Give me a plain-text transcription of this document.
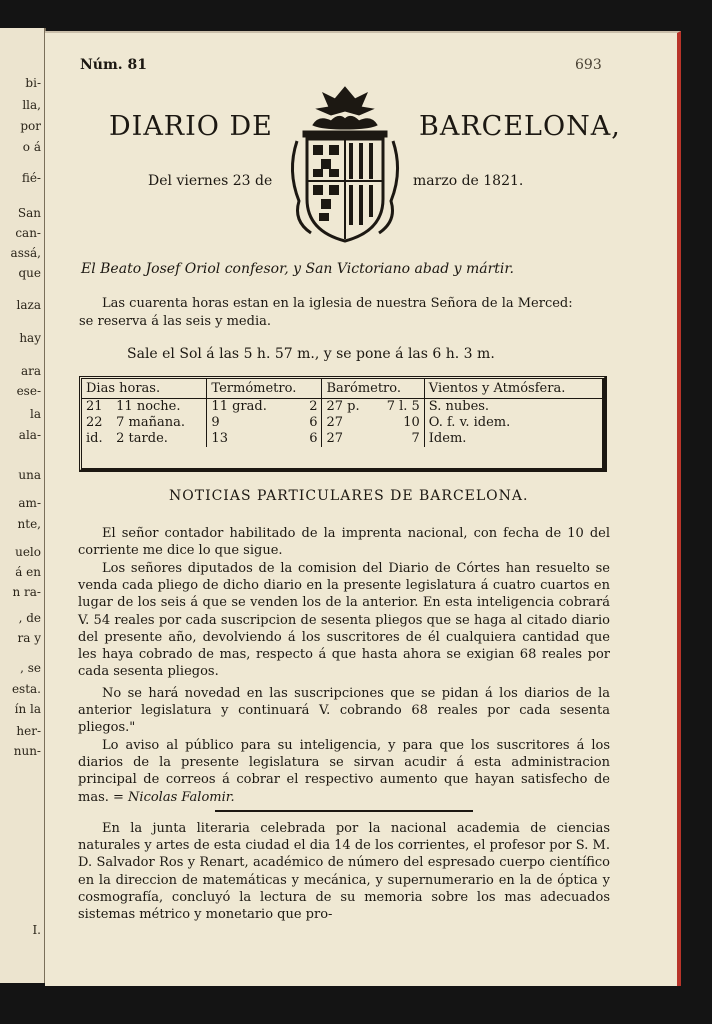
bi-
lla,
por
o á
fié-
San
can-
assá,
que
laza
hay
ara
ese-
la
ala-
una
am-
nte,
uelo
á en
n ra-
, de
ra y
, se
esta.
ín la
her-
nun-
I.
Núm. 81	693
DIARIO DE	BARCELONA,
Del viernes 23 de	marzo de 1821.
El Beato Josef Oriol confesor, y San Victoriano abad y mártir.
Las cuarenta horas estan en la iglesia de nuestra Señora de la Merced:
se reserva á las seis y media.
Sale el Sol á las 5 h. 57 m., y se pone á las 6 h. 3 m.
Dias horas.		Termómetro.		Barómetro.		Vientos y Atmósfera.
21	11 noche.	11 grad.	2	27 p.	7 l. 5	S. nubes.
22	7 mañana.	9	6	27	10	O. f. v. idem.
id.	2 tarde.	13	6	27	7	Idem.
NOTICIAS PARTICULARES DE BARCELONA.
El señor contador habilitado de la imprenta nacional, con fecha de 10 del corriente me dice lo que sigue.
Los señores diputados de la comision del Diario de Córtes han resuelto se venda cada pliego de dicho diario en la presente legislatura á cuatro cuartos en lugar de los seis á que se venden los de la anterior. En esta inteligencia cobrará V. 54 reales por cada suscripcion de sesenta pliegos que se haga al citado diario del presente año, devolviendo á los suscritores de él cualquiera cantidad que les haya cobrado de mas, respecto á que hasta ahora se exigian 68 reales por cada sesenta pliegos.
No se hará novedad en las suscripciones que se pidan á los diarios de la anterior legislatura y continuará V. cobrando 68 reales por cada sesenta pliegos."
Lo aviso al público para su inteligencia, y para que los suscritores á los diarios de la presente legislatura se sirvan acudir á esta administracion principal de correos á cobrar el respectivo aumento que hayan satisfecho de mas. = Nicolas Falomir.
En la junta literaria celebrada por la nacional academia de ciencias naturales y artes de esta ciudad el dia 14 de los corrientes, el profesor por S. M. D. Salvador Ros y Renart, académico de número del espresado cuerpo científico en la direccion de matemáticas y mecánica, y supernumerario en la de óptica y cosmografía, concluyó la lectura de su memoria sobre los mas adecuados sistemas métrico y monetario que pro-
